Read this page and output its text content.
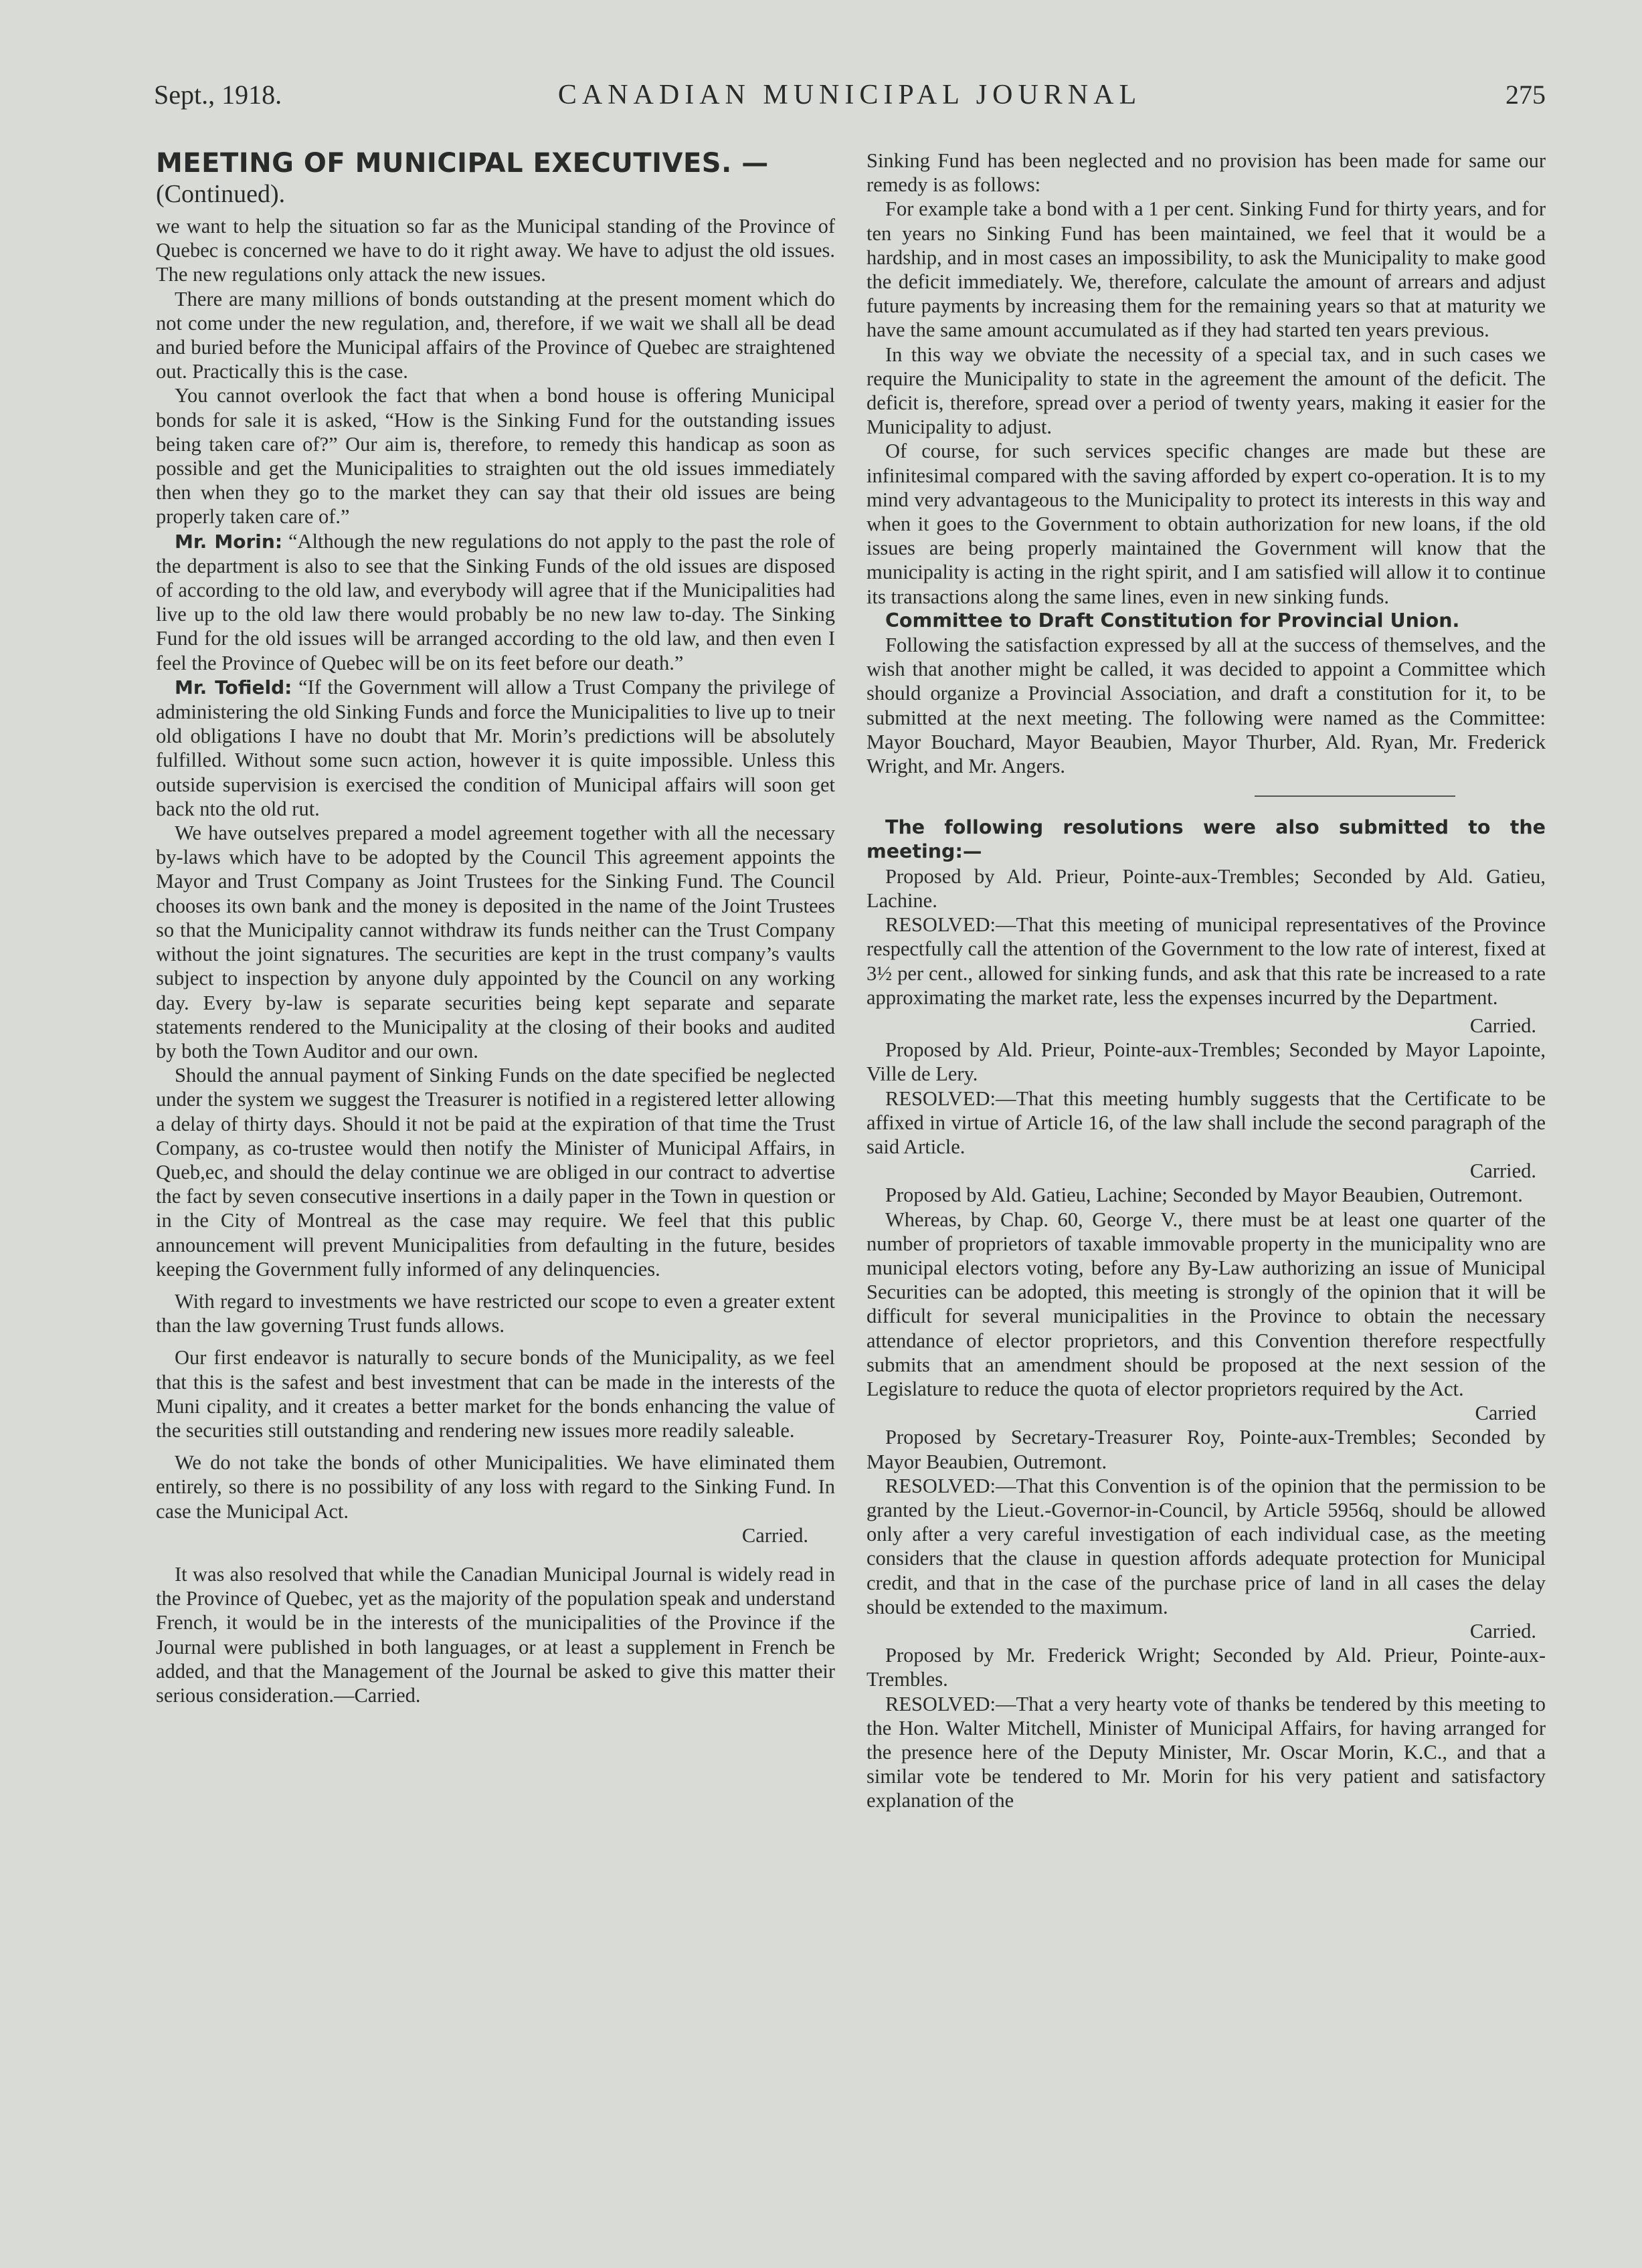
Sept., 1918.	CANADIAN MUNICIPAL JOURNAL	275
MEETING OF MUNICIPAL EXECUTIVES. —
(Continued).

we want to help the situation so far as the Municipal standing of the Province of Quebec is concerned we have to do it right away. We have to adjust the old issues. The new regulations only attack the new issues.

There are many millions of bonds outstanding at the present moment which do not come under the new regulation, and, therefore, if we wait we shall all be dead and buried before the Municipal affairs of the Province of Quebec are straightened out. Practically this is the case.

You cannot overlook the fact that when a bond house is offering Municipal bonds for sale it is asked, “How is the Sinking Fund for the outstanding issues being taken care of?” Our aim is, therefore, to remedy this handicap as soon as possible and get the Municipalities to straighten out the old issues immediately then when they go to the market they can say that their old issues are being properly taken care of.”

Mr. Morin: “Although the new regulations do not apply to the past the role of the department is also to see that the Sinking Funds of the old issues are disposed of according to the old law, and everybody will agree that if the Municipalities had live up to the old law there would probably be no new law to-day. The Sinking Fund for the old issues will be arranged according to the old law, and then even I feel the Province of Quebec will be on its feet before our death.”

Mr. Tofield: “If the Government will allow a Trust Company the privilege of administering the old Sinking Funds and force the Municipalities to live up to tneir old obligations I have no doubt that Mr. Morin’s predictions will be absolutely fulfilled. Without some sucn action, however it is quite impossible. Unless this outside supervision is exercised the condition of Municipal affairs will soon get back nto the old rut.

We have outselves prepared a model agreement together with all the necessary by-laws which have to be adopted by the Council This agreement appoints the Mayor and Trust Company as Joint Trustees for the Sinking Fund. The Council chooses its own bank and the money is deposited in the name of the Joint Trustees so that the Municipality cannot withdraw its funds neither can the Trust Company without the joint signatures. The securities are kept in the trust company’s vaults subject to inspection by anyone duly appointed by the Council on any working day. Every by-law is separate securities being kept separate and separate statements rendered to the Municipality at the closing of their books and audited by both the Town Auditor and our own.

Should the annual payment of Sinking Funds on the date specified be neglected under the system we suggest the Treasurer is notified in a registered letter allowing a delay of thirty days. Should it not be paid at the expiration of that time the Trust Company, as co-trustee would then notify the Minister of Municipal Affairs, in Queb,ec, and should the delay continue we are obliged in our contract to advertise the fact by seven consecutive insertions in a daily paper in the Town in question or in the City of Montreal as the case may require. We feel that this public announcement will prevent Municipalities from defaulting in the future, besides keeping the Government fully informed of any delinquencies.

With regard to investments we have restricted our scope to even a greater extent than the law governing Trust funds allows.

Our first endeavor is naturally to secure bonds of the Municipality, as we feel that this is the safest and best investment that can be made in the interests of the Muni cipality, and it creates a better market for the bonds enhancing the value of the securities still outstanding and rendering new issues more readily saleable.

We do not take the bonds of other Municipalities. We have eliminated them entirely, so there is no possibility of any loss with regard to the Sinking Fund. In case the Municipal Act.

Carried.

It was also resolved that while the Canadian Municipal Journal is widely read in the Province of Quebec, yet as the majority of the population speak and understand French, it would be in the interests of the municipalities of the Province if the Journal were published in both languages, or at least a supplement in French be added, and that the Management of the Journal be asked to give this matter their serious consideration.—Carried.

Sinking Fund has been neglected and no provision has been made for same our remedy is as follows:

For example take a bond with a 1 per cent. Sinking Fund for thirty years, and for ten years no Sinking Fund has been maintained, we feel that it would be a hardship, and in most cases an impossibility, to ask the Municipality to make good the deficit immediately. We, therefore, calculate the amount of arrears and adjust future payments by increasing them for the remaining years so that at maturity we have the same amount accumulated as if they had started ten years previous.

In this way we obviate the necessity of a special tax, and in such cases we require the Municipality to state in the agreement the amount of the deficit. The deficit is, therefore, spread over a period of twenty years, making it easier for the Municipality to adjust.

Of course, for such services specific changes are made but these are infinitesimal compared with the saving afforded by expert co-operation. It is to my mind very advantageous to the Municipality to protect its interests in this way and when it goes to the Government to obtain authorization for new loans, if the old issues are being properly maintained the Government will know that the municipality is acting in the right spirit, and I am satisfied will allow it to continue its transactions along the same lines, even in new sinking funds.

Committee to Draft Constitution for Provincial Union.

Following the satisfaction expressed by all at the success of themselves, and the wish that another might be called, it was decided to appoint a Committee which should organize a Provincial Association, and draft a constitution for it, to be submitted at the next meeting. The following were named as the Committee: Mayor Bouchard, Mayor Beaubien, Mayor Thurber, Ald. Ryan, Mr. Frederick Wright, and Mr. Angers.

The following resolutions were also submitted to the meeting:—

Proposed by Ald. Prieur, Pointe-aux-Trembles; Seconded by Ald. Gatieu, Lachine.

RESOLVED:—That this meeting of municipal representatives of the Province respectfully call the attention of the Government to the low rate of interest, fixed at 3½ per cent., allowed for sinking funds, and ask that this rate be increased to a rate approximating the market rate, less the expenses incurred by the Department.

Carried.

Proposed by Ald. Prieur, Pointe-aux-Trembles; Seconded by Mayor Lapointe, Ville de Lery.

RESOLVED:—That this meeting humbly suggests that the Certificate to be affixed in virtue of Article 16, of the law shall include the second paragraph of the said Article.

Carried.

Proposed by Ald. Gatieu, Lachine; Seconded by Mayor Beaubien, Outremont.

Whereas, by Chap. 60, George V., there must be at least one quarter of the number of proprietors of taxable immovable property in the municipality wno are municipal electors voting, before any By-Law authorizing an issue of Municipal Securities can be adopted, this meeting is strongly of the opinion that it will be difficult for several municipalities in the Province to obtain the necessary attendance of elector proprietors, and this Convention therefore respectfully submits that an amendment should be proposed at the next session of the Legislature to reduce the quota of elector proprietors required by the Act.

Carried

Proposed by Secretary-Treasurer Roy, Pointe-aux-Trembles; Seconded by Mayor Beaubien, Outremont.

RESOLVED:—That this Convention is of the opinion that the permission to be granted by the Lieut.-Governor-in-Council, by Article 5956q, should be allowed only after a very careful investigation of each individual case, as the meeting considers that the clause in question affords adequate protection for Municipal credit, and that in the case of the purchase price of land in all cases the delay should be extended to the maximum.

Carried.

Proposed by Mr. Frederick Wright; Seconded by Ald. Prieur, Pointe-aux-Trembles.

RESOLVED:—That a very hearty vote of thanks be tendered by this meeting to the Hon. Walter Mitchell, Minister of Municipal Affairs, for having arranged for the presence here of the Deputy Minister, Mr. Oscar Morin, K.C., and that a similar vote be tendered to Mr. Morin for his very patient and satisfactory explanation of the
